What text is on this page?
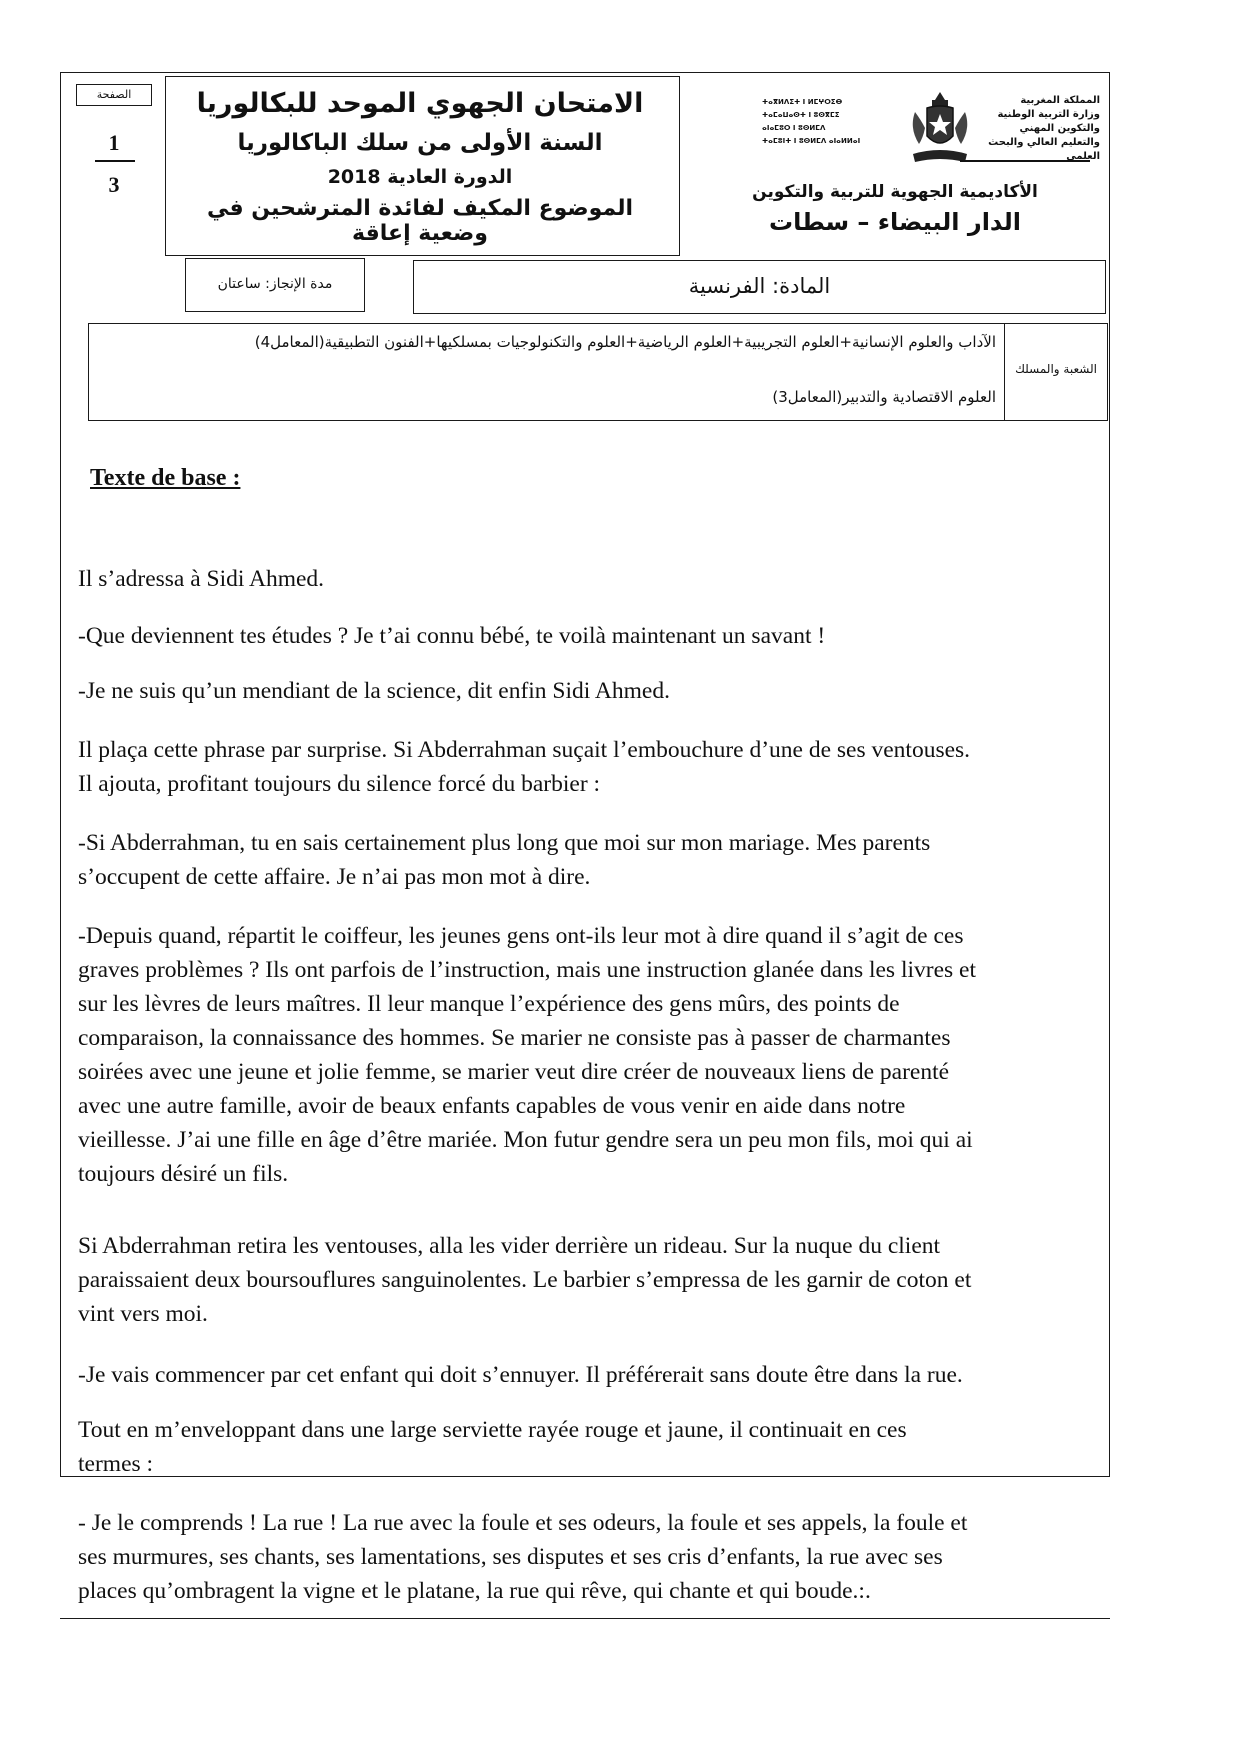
الصفحة
1
3
الامتحان الجهوي الموحد للبكالوريا
السنة الأولى من سلك الباكالوريا
الدورة العادية 2018
الموضوع المكيف لفائدة المترشحين في وضعية إعاقة
ⵜⴰⴳⵍⴷⵉⵜ ⵏ ⵍⵎⵖⵔⵉⴱ
ⵜⴰⵎⴰⵡⴰⵙⵜ ⵏ ⵓⵙⴳⵎⵉ
ⴰⵏⴰⵎⵓⵔ ⵏ ⵓⵙⵍⵎⴷ
ⵜⴰⵎⵓⵏⵜ ⵏ ⵓⵙⵍⵎⴷ ⴰⵏⴰⵍⵍⴰⵏ
المملكة المغربية
وزارة التربية الوطنية
والتكوين المهني
والتعليم العالي والبحث العلمي
الأكاديمية الجهوية للتربية والتكوين
الدار البيضاء – سطات
مدة الإنجاز: ساعتان	المادة: الفرنسية
الشعبة والمسلك
الآداب والعلوم الإنسانية+العلوم التجريبية+العلوم الرياضية+العلوم والتكنولوجيات بمسلكيها+الفنون التطبيقية(المعامل4)
العلوم الاقتصادية والتدبير(المعامل3)
Texte de base :
Il s’adressa à Sidi Ahmed.
-Que deviennent tes études ? Je t’ai connu bébé, te voilà maintenant un savant !
-Je ne suis qu’un mendiant de la science, dit enfin Sidi Ahmed.
Il plaça cette phrase par surprise. Si Abderrahman suçait l’embouchure d’une de ses ventouses.
Il ajouta, profitant toujours du silence forcé du barbier :
-Si Abderrahman, tu en sais certainement plus long que moi sur mon mariage. Mes parents
s’occupent de cette affaire. Je n’ai pas mon mot à dire.
-Depuis quand, répartit le coiffeur, les jeunes gens ont-ils leur mot à dire quand il s’agit de ces
graves problèmes ? Ils ont parfois de l’instruction, mais une instruction glanée dans les livres et
sur les lèvres de leurs maîtres. Il leur manque l’expérience des gens mûrs, des points de
comparaison, la connaissance des hommes. Se marier ne consiste pas à passer de charmantes
soirées avec une jeune et jolie femme, se marier veut dire créer de nouveaux liens de parenté
avec une autre famille, avoir de beaux enfants capables de vous venir en aide dans notre
vieillesse. J’ai une fille en âge d’être mariée. Mon futur gendre sera un peu mon fils, moi qui ai
toujours désiré un fils.
Si Abderrahman retira les ventouses, alla les vider derrière un rideau. Sur la nuque du client
paraissaient deux boursouflures sanguinolentes. Le barbier s’empressa de les garnir de coton et
vint vers moi.
-Je vais commencer par cet enfant qui doit s’ennuyer. Il préférerait sans doute être dans la rue.
Tout en m’enveloppant dans une large serviette rayée rouge et jaune, il continuait en ces
termes :
- Je le comprends ! La rue ! La rue avec la foule et ses odeurs, la foule et ses appels, la foule et
ses murmures, ses chants, ses lamentations, ses disputes et ses cris d’enfants, la rue avec ses
places qu’ombragent la vigne et le platane, la rue qui rêve, qui chante et qui boude.:.
